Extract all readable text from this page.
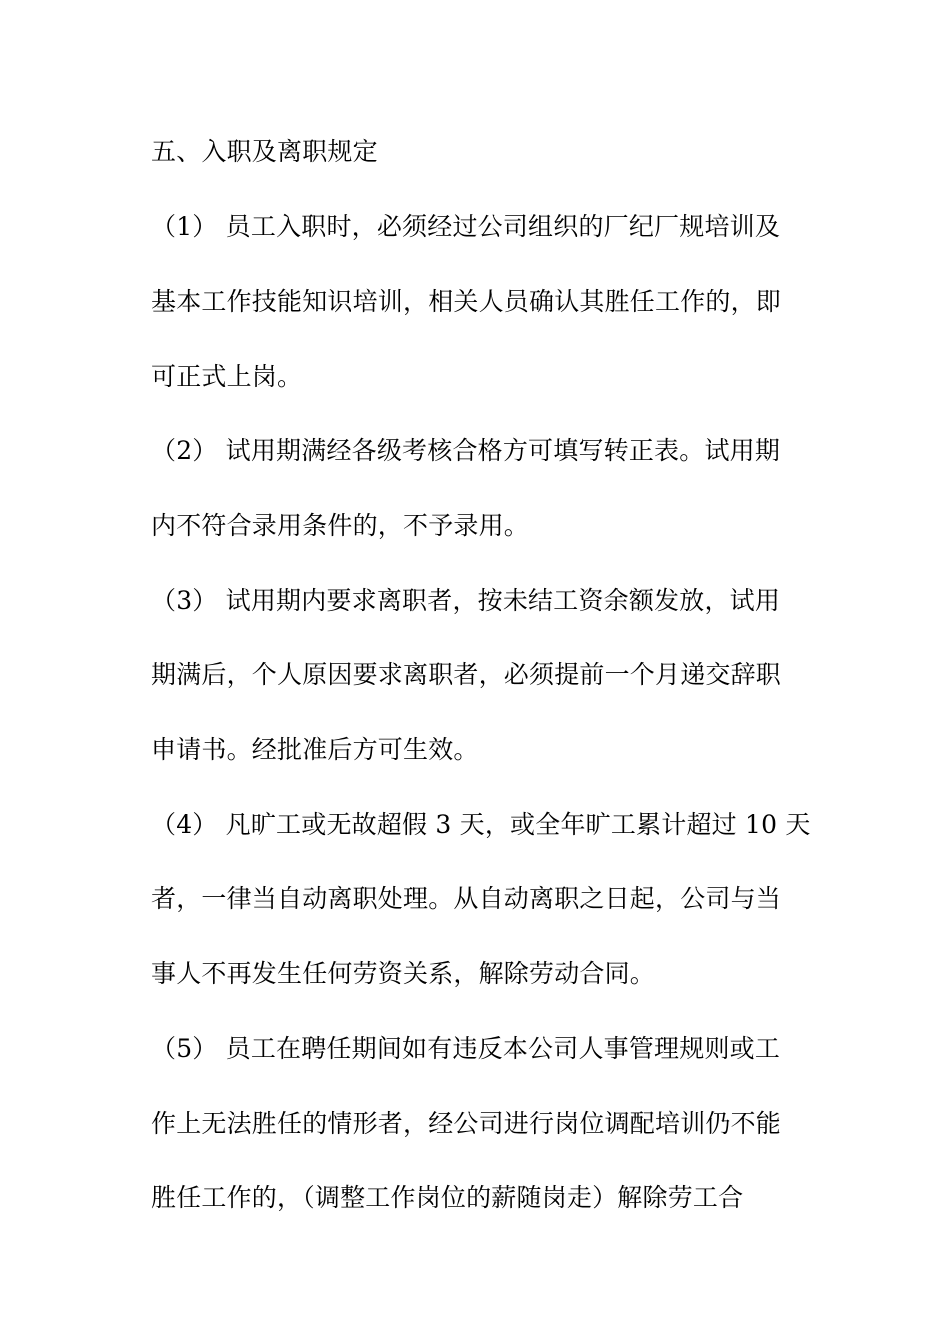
五、入职及离职规定
（1） 员工入职时，必须经过公司组织的厂纪厂规培训及
基本工作技能知识培训，相关人员确认其胜任工作的，即
可正式上岗。
（2） 试用期满经各级考核合格方可填写转正表。试用期
内不符合录用条件的，不予录用。
（3） 试用期内要求离职者，按未结工资余额发放，试用
期满后，个人原因要求离职者，必须提前一个月递交辞职
申请书。经批准后方可生效。
（4） 凡旷工或无故超假 3 天，或全年旷工累计超过 10 天
者，一律当自动离职处理。从自动离职之日起，公司与当
事人不再发生任何劳资关系，解除劳动合同。
（5） 员工在聘任期间如有违反本公司人事管理规则或工
作上无法胜任的情形者，经公司进行岗位调配培训仍不能
胜任工作的，（调整工作岗位的薪随岗走）解除劳工合
